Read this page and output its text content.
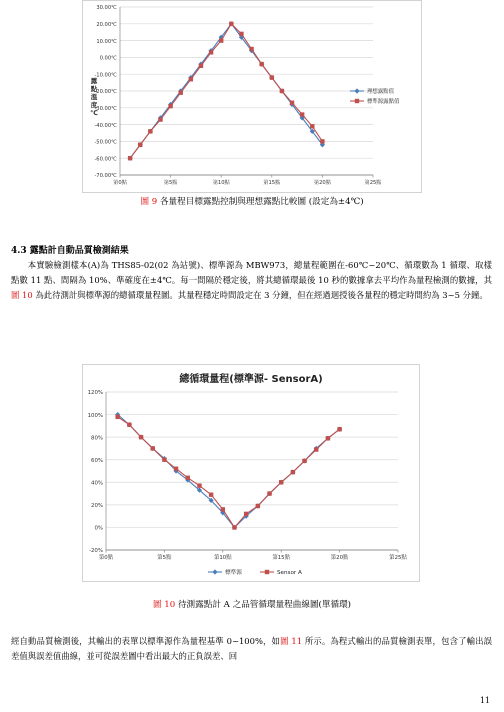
30.00℃
20.00℃
10.00℃
0.00℃
-10.00℃
-20.00℃
-30.00℃
-40.00℃
-50.00℃
-60.00℃
-70.00℃
第0點	第5點	第10點	第15點	第20點	第25點
露
點
溫
度
℃
理想露點值
標準源露點值
圖 9 各量程目標露點控制與理想露點比較圖 (設定為±4℃)
4.3 露點計自動品質檢測結果

本實驗檢測樣本(A)為 THS85-02(02 為站號)、標準源為 MBW973，總量程範圍在-60℃~20℃、循環數為 1 循環、取樣點數 11 點、間隔為 10%、準確度在±4℃。每一間隔於穩定後，將其總循環最後 10 秒的數據拿去平均作為量程檢測的數據，其圖 10 為此待測計與標準源的總循環量程圖。其量程穩定時間設定在 3 分鐘，但在經過迴授後各量程的穩定時間約為 3~5 分鐘。

120%
100%
80%
60%
40%
20%
0%
-20%
第0點	第5點	第10點	第15點	第20點	第25點
總循環量程(標準源- SensorA)
標準源	Sensor A
圖 10 待測露點計 A 之品管循環量程曲線圖(單循環)

經自動品質檢測後，其輸出的表單以標準源作為量程基準 0~100%，如圖 11 所示。為程式輸出的品質檢測表單，包含了輸出誤差值與誤差值曲線，並可從誤差圖中看出最大的正負誤差、回

11
